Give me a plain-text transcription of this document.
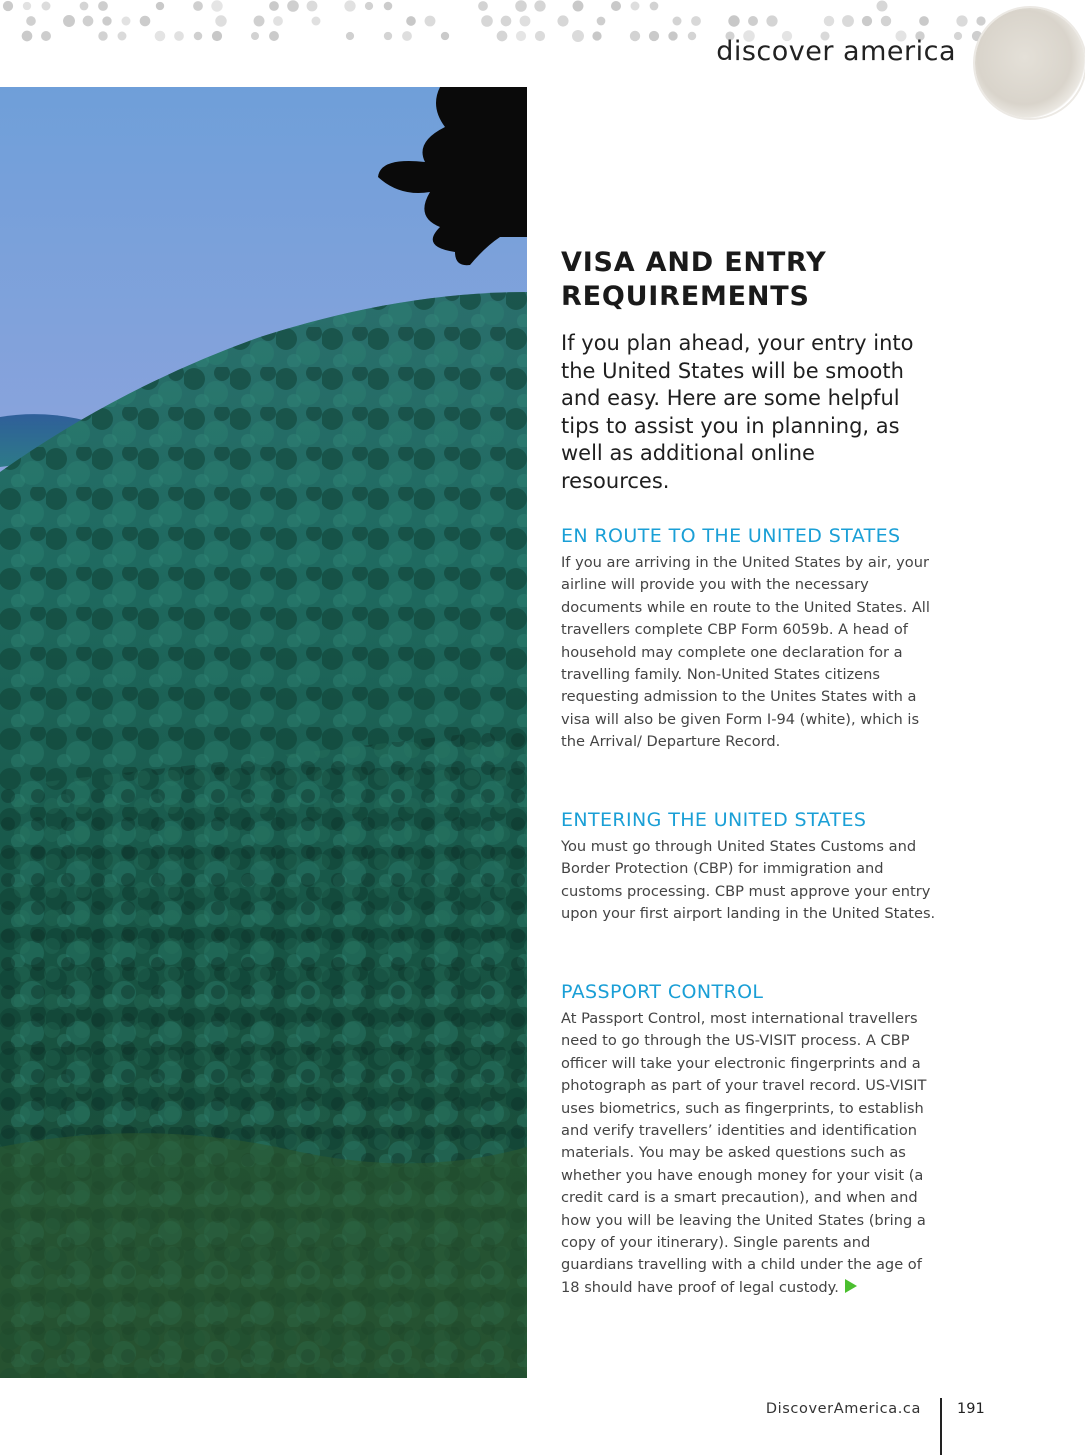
discover america
Whitaker Point Trail, Ozark
National Forest, Arkansas
VISA AND ENTRY
REQUIREMENTS

If you plan ahead, your entry into the United States will be smooth and easy. Here are some helpful tips to assist you in planning, as well as additional online resources.

EN ROUTE TO THE UNITED STATES

If you are arriving in the United States by air, your airline will provide you with the necessary documents while en route to the United States. All travellers complete CBP Form 6059b. A head of household may complete one declaration for a travelling family. Non-United States citizens requesting admission to the Unites States with a visa will also be given Form I-94 (white), which is the Arrival/ Departure Record.

ENTERING THE UNITED STATES

You must go through United States Customs and Border Protection (CBP) for immigration and customs processing. CBP must approve your entry upon your first airport landing in the United States.

PASSPORT CONTROL

At Passport Control, most international travellers need to go through the US-VISIT process. A CBP officer will take your electronic fingerprints and a photograph as part of your travel record. US-VISIT uses biometrics, such as fingerprints, to establish and verify travellers’ identities and identification materials. You may be asked questions such as whether you have enough money for your visit (a credit card is a smart precaution), and when and how you will be leaving the United States (bring a copy of your itinerary). Single parents and guardians travelling with a child under the age of 18 should have proof of legal custody.

DiscoverAmerica.ca 191
